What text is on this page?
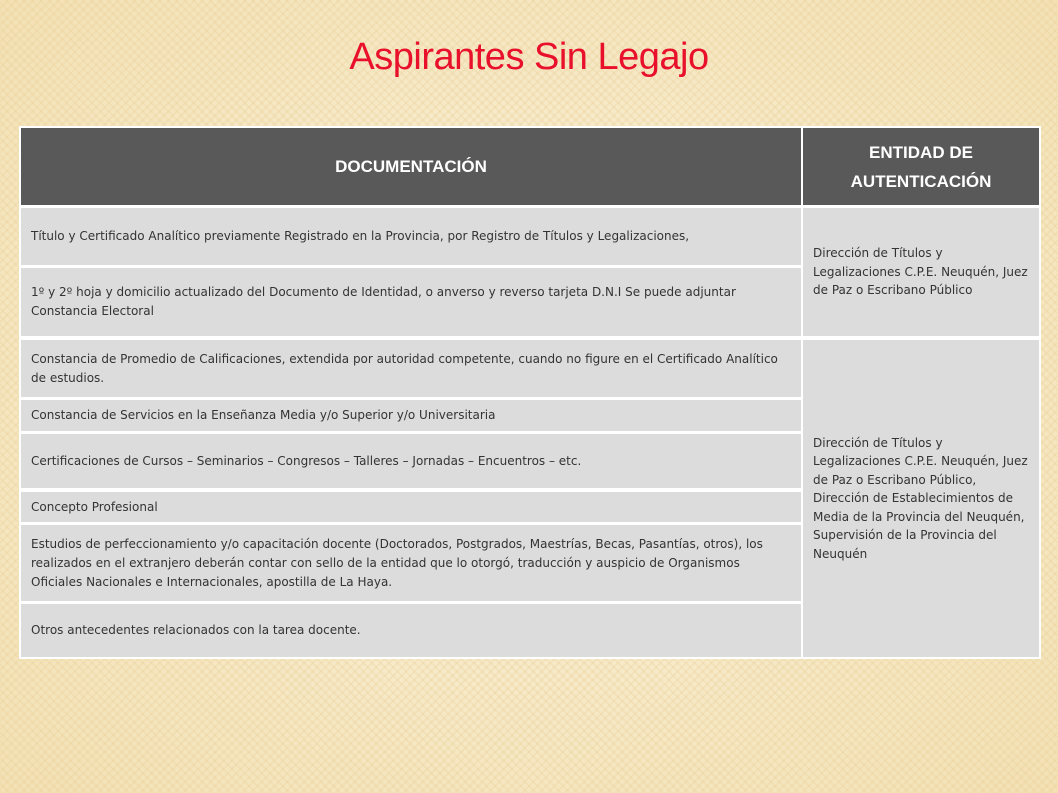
Aspirantes Sin Legajo
DOCUMENTACIÓN
ENTIDAD DE AUTENTICACIÓN
Título y Certificado Analítico previamente Registrado en la Provincia, por Registro de Títulos y Legalizaciones,
1º y 2º hoja y domicilio actualizado del Documento de Identidad, o anverso y reverso tarjeta D.N.I Se puede adjuntar Constancia Electoral
Constancia de Promedio de Calificaciones, extendida por autoridad competente, cuando no figure en el Certificado Analítico de estudios.
Constancia de Servicios en la Enseñanza Media y/o Superior y/o Universitaria
Certificaciones de Cursos – Seminarios – Congresos – Talleres – Jornadas – Encuentros – etc.
Concepto Profesional
Estudios de perfeccionamiento y/o capacitación docente (Doctorados, Postgrados, Maestrías, Becas, Pasantías, otros), los realizados en el extranjero deberán contar con sello de la entidad que lo otorgó, traducción y auspicio de Organismos Oficiales Nacionales e Internacionales, apostilla de La Haya.
Otros antecedentes relacionados con la tarea docente.
Dirección de Títulos y Legalizaciones C.P.E. Neuquén, Juez de Paz o Escribano Público
Dirección de Títulos y Legalizaciones C.P.E. Neuquén, Juez de Paz o Escribano Público, Dirección de Establecimientos de Media de la Provincia del Neuquén, Supervisión de la Provincia del Neuquén
